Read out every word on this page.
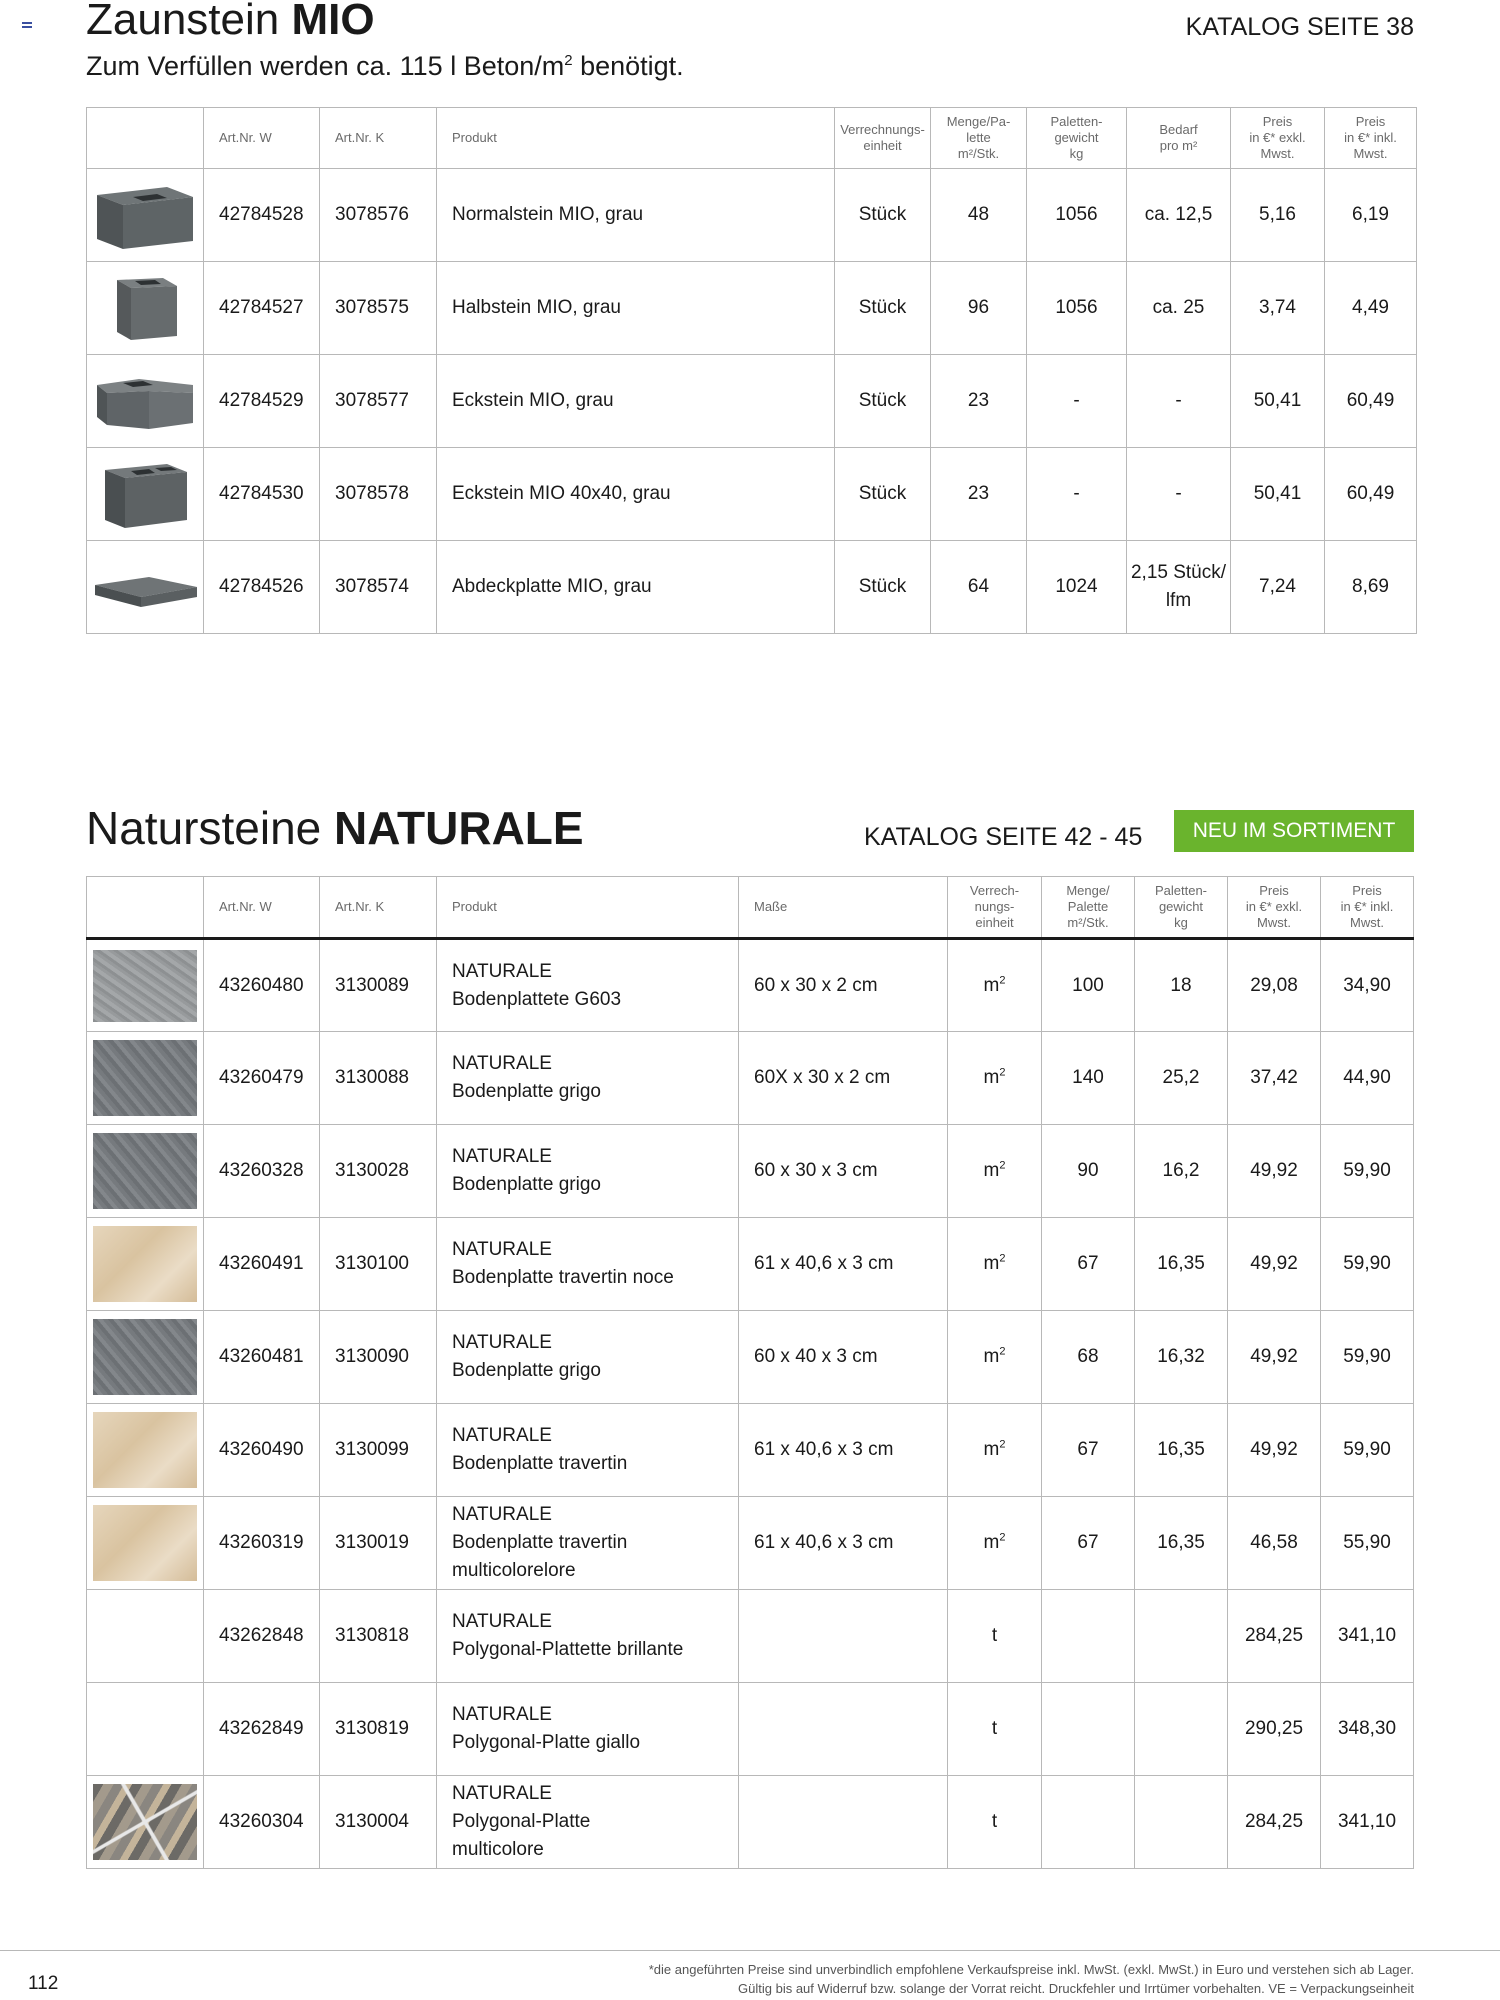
Zaunstein MIO
Zum Verfüllen werden ca. 115 l Beton/$m^2$ benötigt.
KATALOG SEITE 38
	Art.Nr. W	Art.Nr. K	Produkt	Verrechnungs-
einheit	Menge/Pa-
lette
m²/Stk.	Paletten-
gewicht
kg	Bedarf
pro m²	Preis
in €* exkl.
Mwst.	Preis
in €* inkl.
Mwst.

	42784528	3078576	Normalstein MIO, grau	Stück	48	1056	ca. 12,5	5,16	6,19

	42784527	3078575	Halbstein MIO, grau	Stück	96	1056	ca. 25	3,74	4,49

	42784529	3078577	Eckstein MIO, grau	Stück	23	-	-	50,41	60,49

	42784530	3078578	Eckstein MIO 40x40, grau	Stück	23	-	-	50,41	60,49

	42784526	3078574	Abdeckplatte MIO, grau	Stück	64	1024	2,15 Stück/
lfm	7,24	8,69
Natursteine NATURALE	KATALOG SEITE 42 - 45	NEU IM SORTIMENT
	Art.Nr. W	Art.Nr. K	Produkt	Maße	Verrech-
nungs-
einheit	Menge/
Palette
m²/Stk.	Paletten-
gewicht
kg	Preis
in €* exkl.
Mwst.	Preis
in €* inkl.
Mwst.

	43260480	3130089	NATURALE
Bodenplattete G603	60 x 30 x 2 cm	$m^2$	100	18	29,08	34,90

	43260479	3130088	NATURALE
Bodenplatte grigo	60X x 30 x 2 cm	$m^2$	140	25,2	37,42	44,90

	43260328	3130028	NATURALE
Bodenplatte grigo	60 x 30 x 3 cm	$m^2$	90	16,2	49,92	59,90

	43260491	3130100	NATURALE
Bodenplatte travertin noce	61 x 40,6 x 3 cm	$m^2$	67	16,35	49,92	59,90

	43260481	3130090	NATURALE
Bodenplatte grigo	60 x 40 x 3 cm	$m^2$	68	16,32	49,92	59,90

	43260490	3130099	NATURALE
Bodenplatte travertin	61 x 40,6 x 3 cm	$m^2$	67	16,35	49,92	59,90

	43260319	3130019	NATURALE
Bodenplatte travertin
multicolorelore	61 x 40,6 x 3 cm	$m^2$	67	16,35	46,58	55,90

	43262848	3130818	NATURALE
Polygonal-Plattette brillante		t			284,25	341,10

	43262849	3130819	NATURALE
Polygonal-Platte giallo		t			290,25	348,30

	43260304	3130004	NATURALE
Polygonal-Platte
multicolore		t			284,25	341,10
112
*die angeführten Preise sind unverbindlich empfohlene Verkaufspreise inkl. MwSt. (exkl. MwSt.) in Euro und verstehen sich ab Lager.
Gültig bis auf Widerruf bzw. solange der Vorrat reicht. Druckfehler und Irrtümer vorbehalten. VE = Verpackungseinheit
